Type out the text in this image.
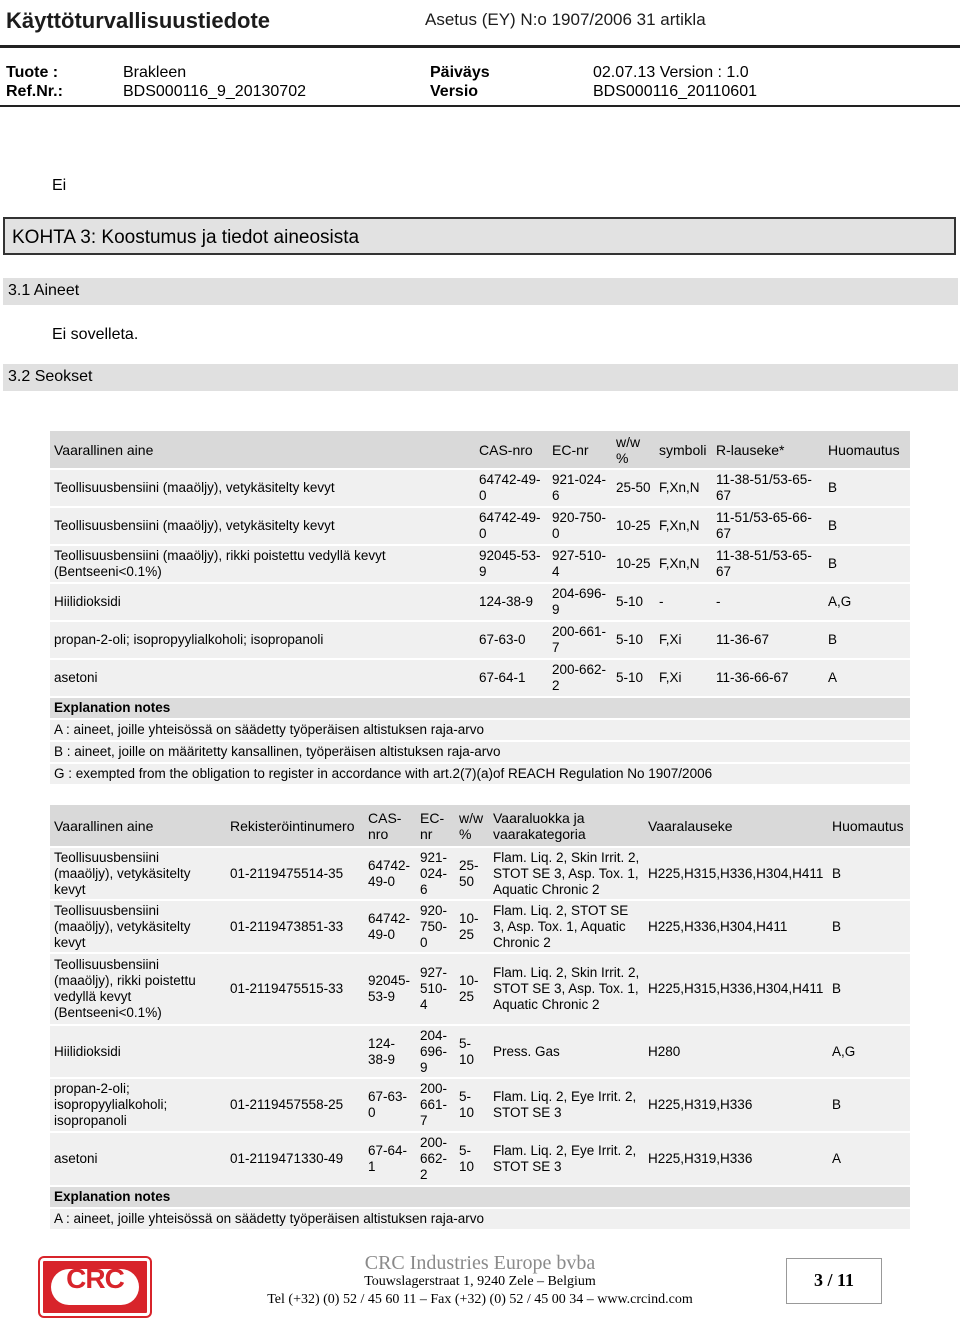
Käyttöturvallisuustiedote	Asetus (EY) N:o 1907/2006 31 artikla
Tuote :	Brakleen	Päiväys	02.07.13 Version : 1.0
Ref.Nr.:	BDS000116_9_20130702	Versio	BDS000116_20110601
Ei
KOHTA 3: Koostumus ja tiedot aineosista
3.1 Aineet
Ei sovelleta.
3.2 Seokset
Vaarallinen aine	CAS-nro	EC-nr	w/w %	symboli	R-lauseke*	Huomautus
Teollisuusbensiini (maaöljy), vetykäsitelty kevyt	64742-49-0	921-024-6	25-50	F,Xn,N	11-38-51/53-65-67	B
Teollisuusbensiini (maaöljy), vetykäsitelty kevyt	64742-49-0	920-750-0	10-25	F,Xn,N	11-51/53-65-66-67	B
Teollisuusbensiini (maaöljy), rikki poistettu vedyllä kevyt (Bentseeni<0.1%)	92045-53-9	927-510-4	10-25	F,Xn,N	11-38-51/53-65-67	B
Hiilidioksidi	124-38-9	204-696-9	5-10	-	-	A,G
propan-2-oli; isopropyylialkoholi; isopropanoli	67-63-0	200-661-7	5-10	F,Xi	11-36-67	B
asetoni	67-64-1	200-662-2	5-10	F,Xi	11-36-66-67	A
Explanation notes						
A : aineet, joille yhteisössä on säädetty työperäisen altistuksen raja-arvo						
B : aineet, joille on määritetty kansallinen, työperäisen altistuksen raja-arvo						
G : exempted from the obligation to register in accordance with art.2(7)(a)of REACH Regulation No 1907/2006						
Vaarallinen aine	Rekisteröintinumero	CAS-nro	EC-nr	w/w %	Vaaraluokka ja vaarakategoria	Vaaralauseke	Huomautus
Teollisuusbensiini (maaöljy), vetykäsitelty kevyt	01-2119475514-35	64742-49-0	921-024-6	25-50	Flam. Liq. 2, Skin Irrit. 2, STOT SE 3, Asp. Tox. 1, Aquatic Chronic 2	H225,H315,H336,H304,H411	B
Teollisuusbensiini (maaöljy), vetykäsitelty kevyt	01-2119473851-33	64742-49-0	920-750-0	10-25	Flam. Liq. 2, STOT SE 3, Asp. Tox. 1, Aquatic Chronic 2	H225,H336,H304,H411	B
Teollisuusbensiini (maaöljy), rikki poistettu vedyllä kevyt (Bentseeni<0.1%)	01-2119475515-33	92045-53-9	927-510-4	10-25	Flam. Liq. 2, Skin Irrit. 2, STOT SE 3, Asp. Tox. 1, Aquatic Chronic 2	H225,H315,H336,H304,H411	B
Hiilidioksidi		124-38-9	204-696-9	5-10	Press. Gas	H280	A,G
propan-2-oli; isopropyylialkoholi; isopropanoli	01-2119457558-25	67-63-0	200-661-7	5-10	Flam. Liq. 2, Eye Irrit. 2, STOT SE 3	H225,H319,H336	B
asetoni	01-2119471330-49	67-64-1	200-662-2	5-10	Flam. Liq. 2, Eye Irrit. 2, STOT SE 3	H225,H319,H336	A
Explanation notes							
A : aineet, joille yhteisössä on säädetty työperäisen altistuksen raja-arvo							
CRC	CRC Industries Europe bvba
Touwslagerstraat 1, 9240 Zele – Belgium
Tel (+32) (0) 52 / 45 60 11 – Fax (+32) (0) 52 / 45 00 34 – www.crcind.com
3 / 11
